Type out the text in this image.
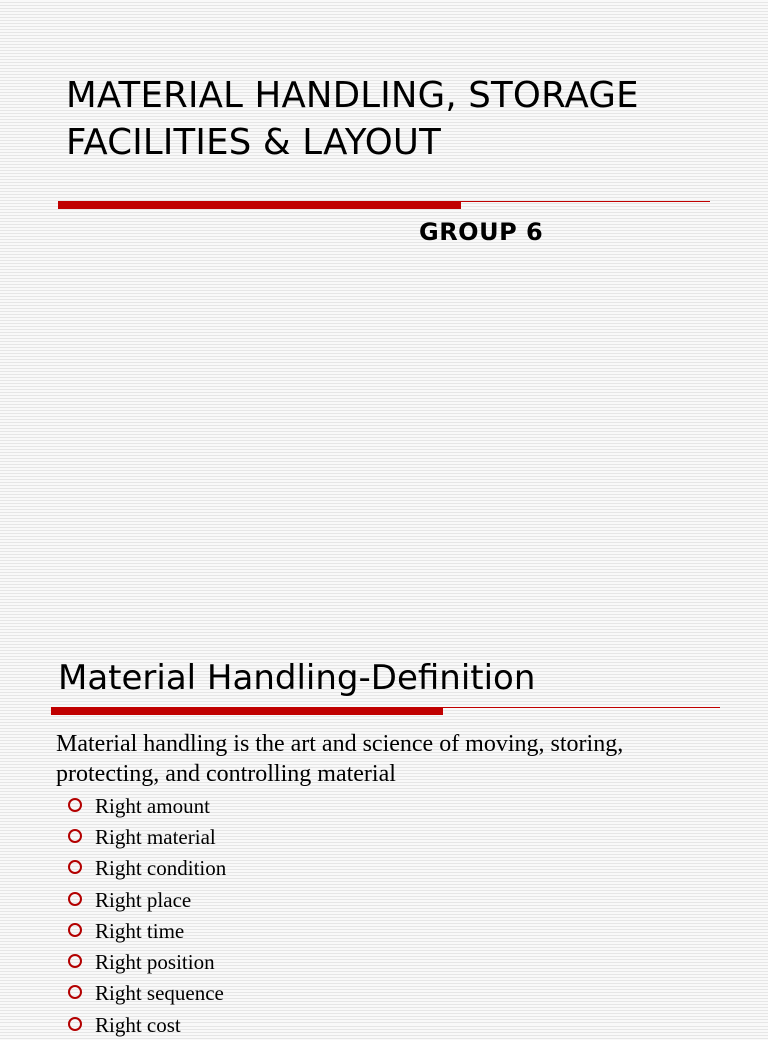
MATERIAL HANDLING, STORAGE
FACILITIES & LAYOUT
GROUP 6
Material Handling-Definition

Material handling is the art and science of moving, storing,
protecting, and controlling material

Right amount
Right material
Right condition
Right place
Right time
Right position
Right sequence
Right cost
